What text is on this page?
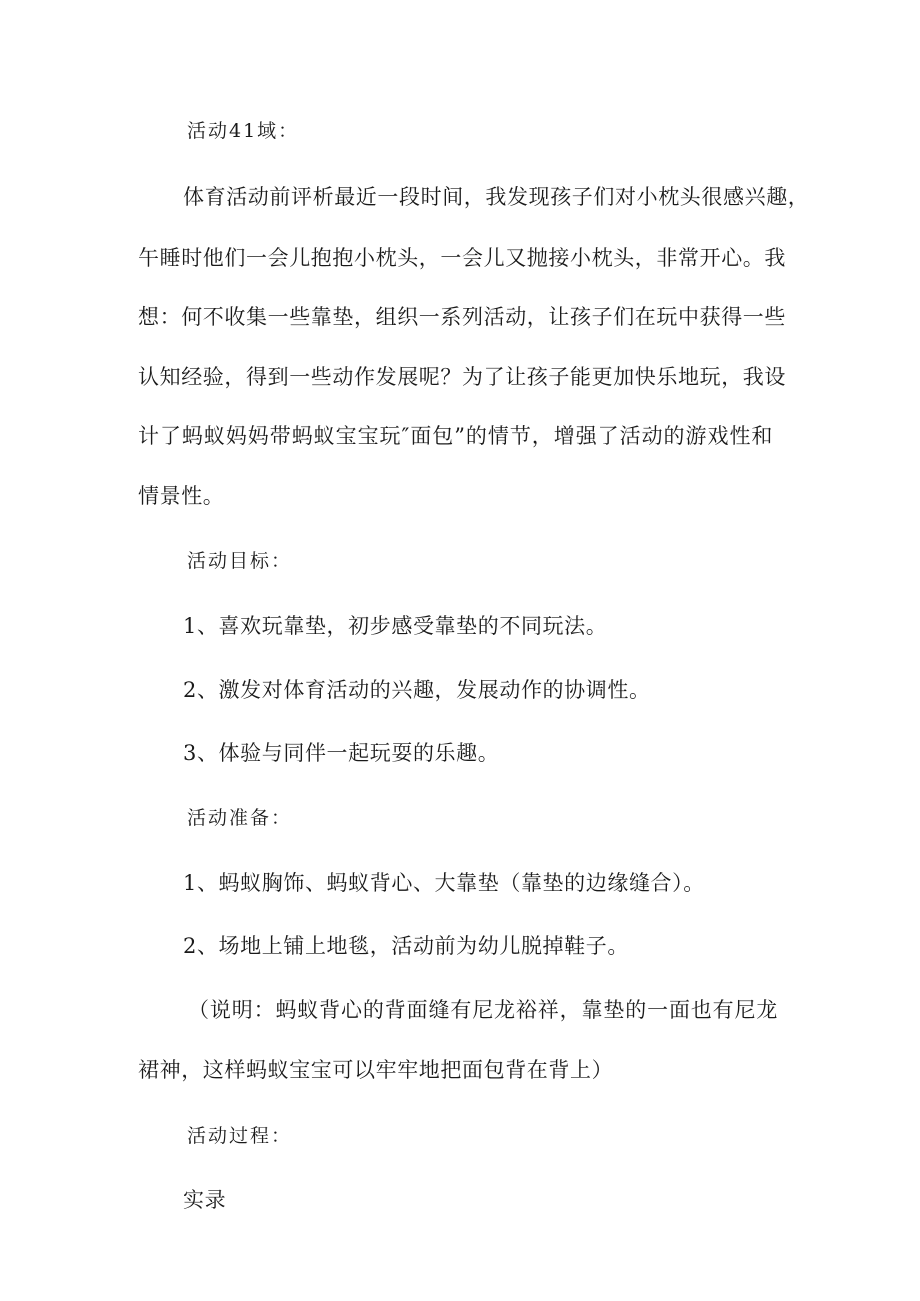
活动41域：
体育活动前评析最近一段时间，我发现孩子们对小枕头很感兴趣，
午睡时他们一会儿抱抱小枕头，一会儿又抛接小枕头，非常开心。我
想：何不收集一些靠垫，组织一系列活动，让孩子们在玩中获得一些
认知经验，得到一些动作发展呢？为了让孩子能更加快乐地玩，我设
计了蚂蚁妈妈带蚂蚁宝宝玩″面包”的情节，增强了活动的游戏性和
情景性。
活动目标：
1、喜欢玩靠垫，初步感受靠垫的不同玩法。
2、激发对体育活动的兴趣，发展动作的协调性。
3、体验与同伴一起玩耍的乐趣。
活动准备：
1、蚂蚁胸饰、蚂蚁背心、大靠垫（靠垫的边缘缝合）。
2、场地上铺上地毯，活动前为幼儿脱掉鞋子。
（说明：蚂蚁背心的背面缝有尼龙裕祥，靠垫的一面也有尼龙
裙神，这样蚂蚁宝宝可以牢牢地把面包背在背上）
活动过程：
实录
